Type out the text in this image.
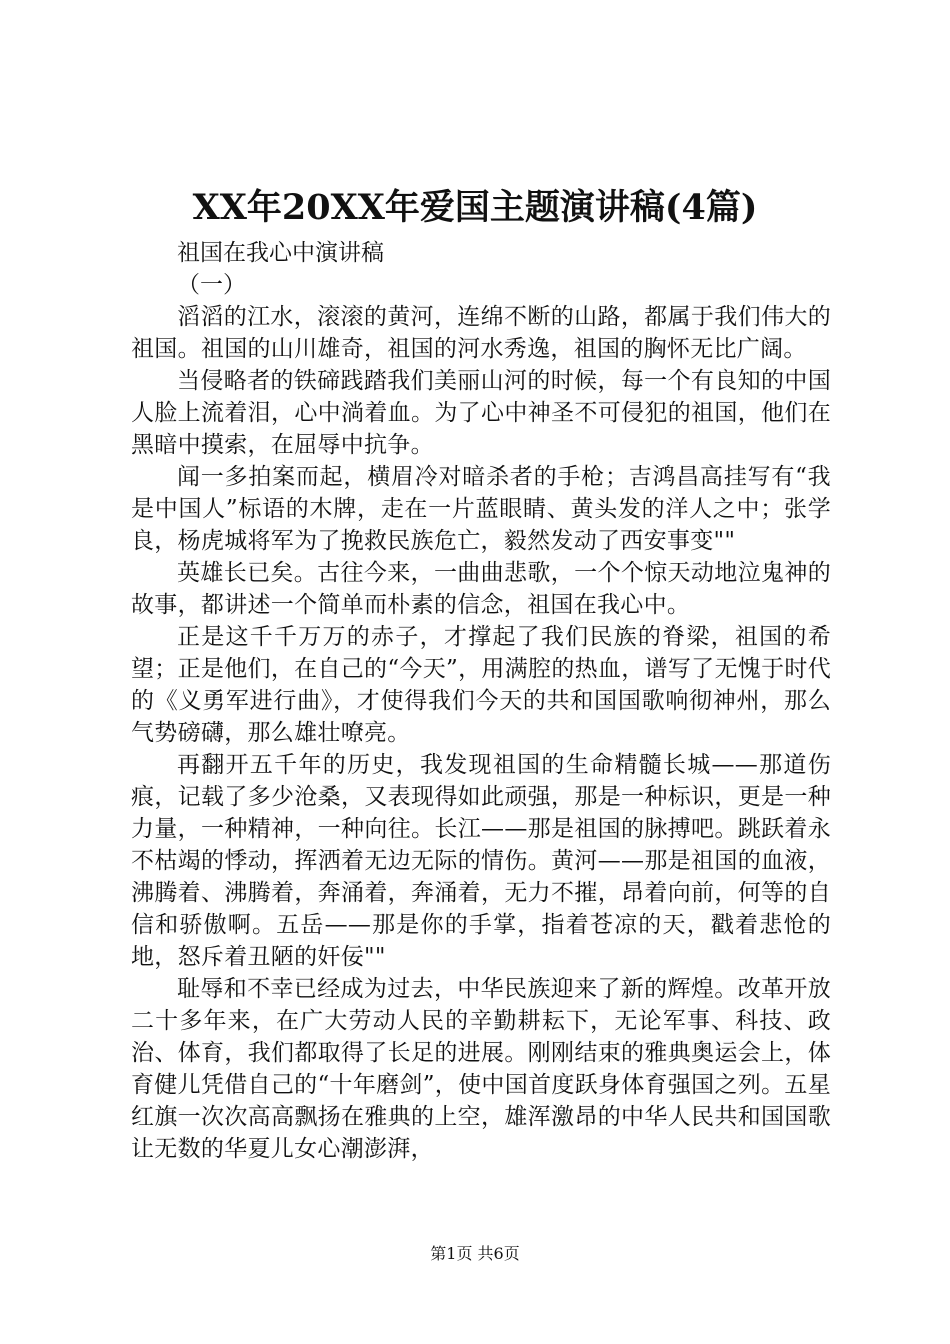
XX年20XX年爱国主题演讲稿(4篇)

祖国在我心中演讲稿

（一）

滔滔的江水，滚滚的黄河，连绵不断的山路，都属于我们伟大的祖国。祖国的山川雄奇，祖国的河水秀逸，祖国的胸怀无比广阔。

当侵略者的铁碲践踏我们美丽山河的时候，每一个有良知的中国人脸上流着泪，心中淌着血。为了心中神圣不可侵犯的祖国，他们在黑暗中摸索，在屈辱中抗争。

闻一多拍案而起，横眉冷对暗杀者的手枪；吉鸿昌高挂写有“我是中国人”标语的木牌，走在一片蓝眼睛、黄头发的洋人之中；张学良，杨虎城将军为了挽救民族危亡，毅然发动了西安事变""

英雄长已矣。古往今来，一曲曲悲歌，一个个惊天动地泣鬼神的故事，都讲述一个简单而朴素的信念，祖国在我心中。

正是这千千万万的赤子，才撑起了我们民族的脊梁，祖国的希望；正是他们，在自己的“今天”，用满腔的热血，谱写了无愧于时代的《义勇军进行曲》，才使得我们今天的共和国国歌响彻神州，那么气势磅礴，那么雄壮嘹亮。

再翻开五千年的历史，我发现祖国的生命精髓长城——那道伤痕，记载了多少沧桑，又表现得如此顽强，那是一种标识，更是一种力量，一种精神，一种向往。长江——那是祖国的脉搏吧。跳跃着永不枯竭的悸动，挥洒着无边无际的情伤。黄河——那是祖国的血液，沸腾着、沸腾着，奔涌着，奔涌着，无力不摧，昂着向前，何等的自信和骄傲啊。五岳——那是你的手掌，指着苍凉的天，戳着悲怆的地，怒斥着丑陋的奸佞""

耻辱和不幸已经成为过去，中华民族迎来了新的辉煌。改革开放二十多年来，在广大劳动人民的辛勤耕耘下，无论军事、科技、政治、体育，我们都取得了长足的进展。刚刚结束的雅典奥运会上，体育健儿凭借自己的“十年磨剑”，使中国首度跃身体育强国之列。五星红旗一次次高高飘扬在雅典的上空，雄浑激昂的中华人民共和国国歌让无数的华夏儿女心潮澎湃，

第1页 共6页
